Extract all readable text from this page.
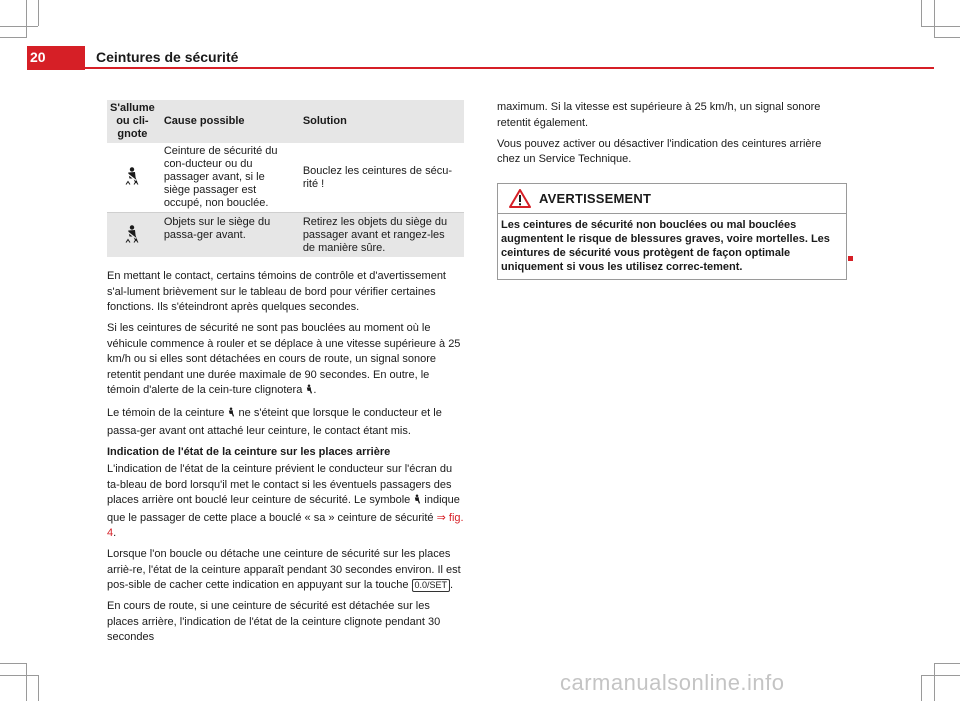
20	Ceintures de sécurité
S'allume ou cli-gnote	Cause possible	Solution
	Ceinture de sécurité du con-ducteur ou du passager avant, si le siège passager est occupé, non bouclée.	Bouclez les ceintures de sécu-rité !
	Objets sur le siège du passa-ger avant.	Retirez les objets du siège du passager avant et rangez-les de manière sûre.

En mettant le contact, certains témoins de contrôle et d'avertissement s'al-lument brièvement sur le tableau de bord pour vérifier certaines fonctions. Ils s'éteindront après quelques secondes.

Si les ceintures de sécurité ne sont pas bouclées au moment où le véhicule commence à rouler et se déplace à une vitesse supérieure à 25 km/h ou si elles sont détachées en cours de route, un signal sonore retentit pendant une durée maximale de 90 secondes. En outre, le témoin d'alerte de la cein-ture clignotera .

Le témoin de la ceinture ne s'éteint que lorsque le conducteur et le passa-ger avant ont attaché leur ceinture, le contact étant mis.

Indication de l'état de la ceinture sur les places arrière

L'indication de l'état de la ceinture prévient le conducteur sur l'écran du ta-bleau de bord lorsqu'il met le contact si les éventuels passagers des places arrière ont bouclé leur ceinture de sécurité. Le symbole indique que le passager de cette place a bouclé « sa » ceinture de sécurité ⇒ fig. 4.

Lorsque l'on boucle ou détache une ceinture de sécurité sur les places arriè-re, l'état de la ceinture apparaît pendant 30 secondes environ. Il est pos-sible de cacher cette indication en appuyant sur la touche 0.0/SET .

En cours de route, si une ceinture de sécurité est détachée sur les places arrière, l'indication de l'état de la ceinture clignote pendant 30 secondes

maximum. Si la vitesse est supérieure à 25 km/h, un signal sonore retentit également.

Vous pouvez activer ou désactiver l'indication des ceintures arrière chez un Service Technique.

AVERTISSEMENT
Les ceintures de sécurité non bouclées ou mal bouclées augmentent le risque de blessures graves, voire mortelles. Les ceintures de sécurité vous protègent de façon optimale uniquement si vous les utilisez correc-tement.
carmanualsonline.info
